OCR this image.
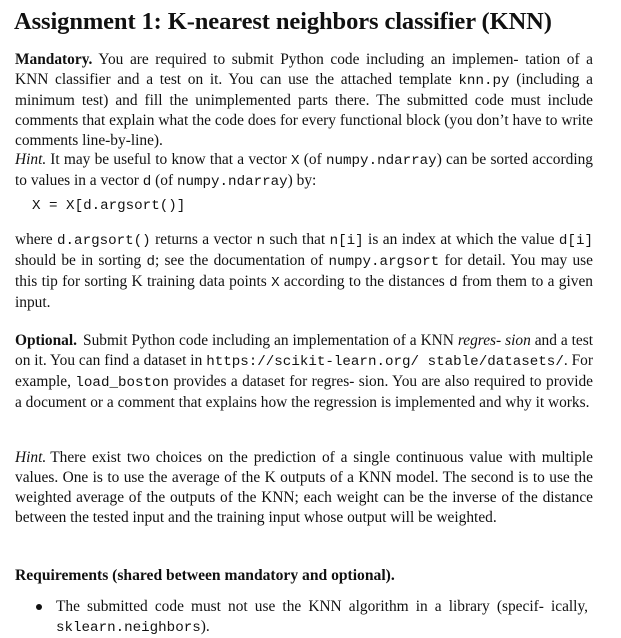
Assignment 1: K-nearest neighbors classifier (KNN)

Mandatory. You are required to submit Python code including an implemen- tation of a KNN classifier and a test on it. You can use the attached template knn.py (including a minimum test) and fill the unimplemented parts there. The submitted code must include comments that explain what the code does for every functional block (you don’t have to write comments line-by-line).

Hint. It may be useful to know that a vector X (of numpy.ndarray) can be sorted according to values in a vector d (of numpy.ndarray) by:

X = X[d.argsort()]

where d.argsort() returns a vector n such that n[i] is an index at which the value d[i] should be in sorting d; see the documentation of numpy.argsort for detail. You may use this tip for sorting K training data points X according to the distances d from them to a given input.

Optional. Submit Python code including an implementation of a KNN regres- sion and a test on it. You can find a dataset in https://scikit-learn.org/ stable/datasets/. For example, load_boston provides a dataset for regres- sion. You are also required to provide a document or a comment that explains how the regression is implemented and why it works.

Hint. There exist two choices on the prediction of a single continuous value with multiple values. One is to use the average of the K outputs of a KNN model. The second is to use the weighted average of the outputs of the KNN; each weight can be the inverse of the distance between the tested input and the training input whose output will be weighted.

Requirements (shared between mandatory and optional).

The submitted code must not use the KNN algorithm in a library (specif- ically, sklearn.neighbors).
